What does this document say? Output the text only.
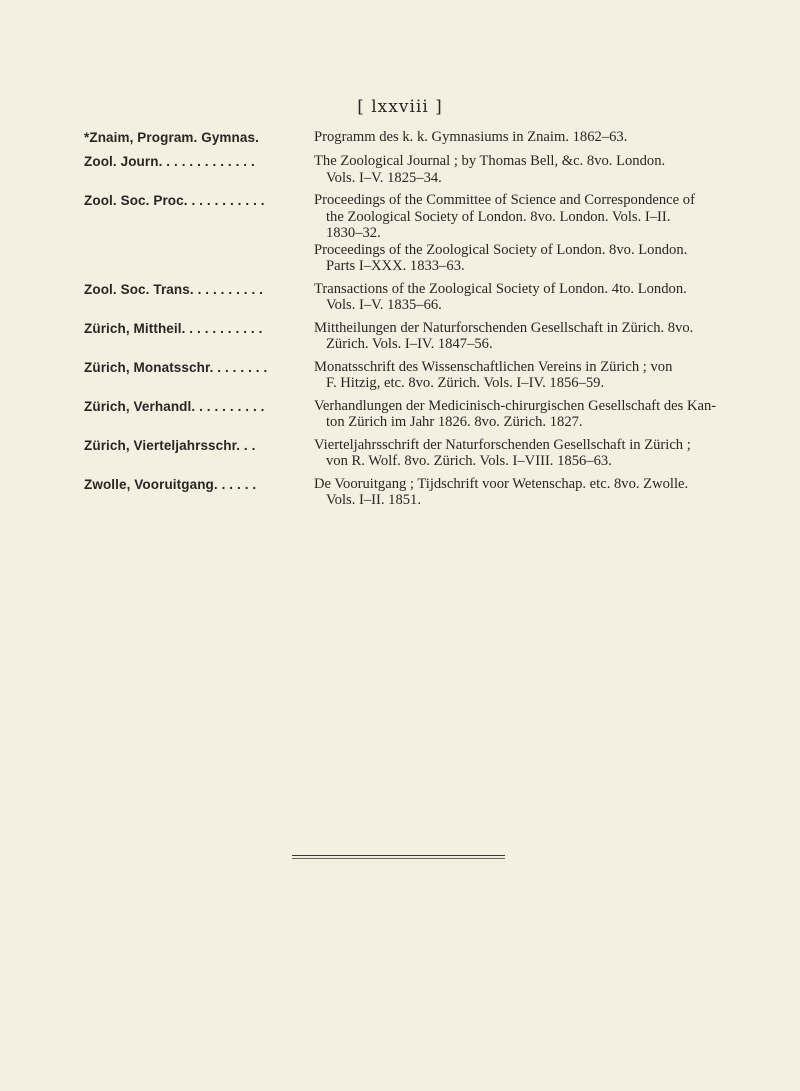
[ lxxviii ]
*Znaim, Program. Gymnas.	Programm des k. k. Gymnasiums in Znaim. 1862–63.
Zool. Journ. . . . . . . . . . . . .	The Zoological Journal ; by Thomas Bell, &c. 8vo. London.
Vols. I–V. 1825–34.
Zool. Soc. Proc. . . . . . . . . . .	Proceedings of the Committee of Science and Correspondence of
the Zoological Society of London. 8vo. London. Vols. I–II.
1830–32.
Proceedings of the Zoological Society of London. 8vo. London.
Parts I–XXX. 1833–63.
Zool. Soc. Trans. . . . . . . . . .	Transactions of the Zoological Society of London. 4to. London.
Vols. I–V. 1835–66.
Zürich, Mittheil. . . . . . . . . . .	Mittheilungen der Naturforschenden Gesellschaft in Zürich. 8vo.
Zürich. Vols. I–IV. 1847–56.
Zürich, Monatsschr. . . . . . . .	Monatsschrift des Wissenschaftlichen Vereins in Zürich ; von
F. Hitzig, etc. 8vo. Zürich. Vols. I–IV. 1856–59.
Zürich, Verhandl. . . . . . . . . .	Verhandlungen der Medicinisch-chirurgischen Gesellschaft des Kan-
ton Zürich im Jahr 1826. 8vo. Zürich. 1827.
Zürich, Vierteljahrsschr. . .	Vierteljahrsschrift der Naturforschenden Gesellschaft in Zürich ;
von R. Wolf. 8vo. Zürich. Vols. I–VIII. 1856–63.
Zwolle, Vooruitgang. . . . . .	De Vooruitgang ; Tijdschrift voor Wetenschap. etc. 8vo. Zwolle.
Vols. I–II. 1851.
